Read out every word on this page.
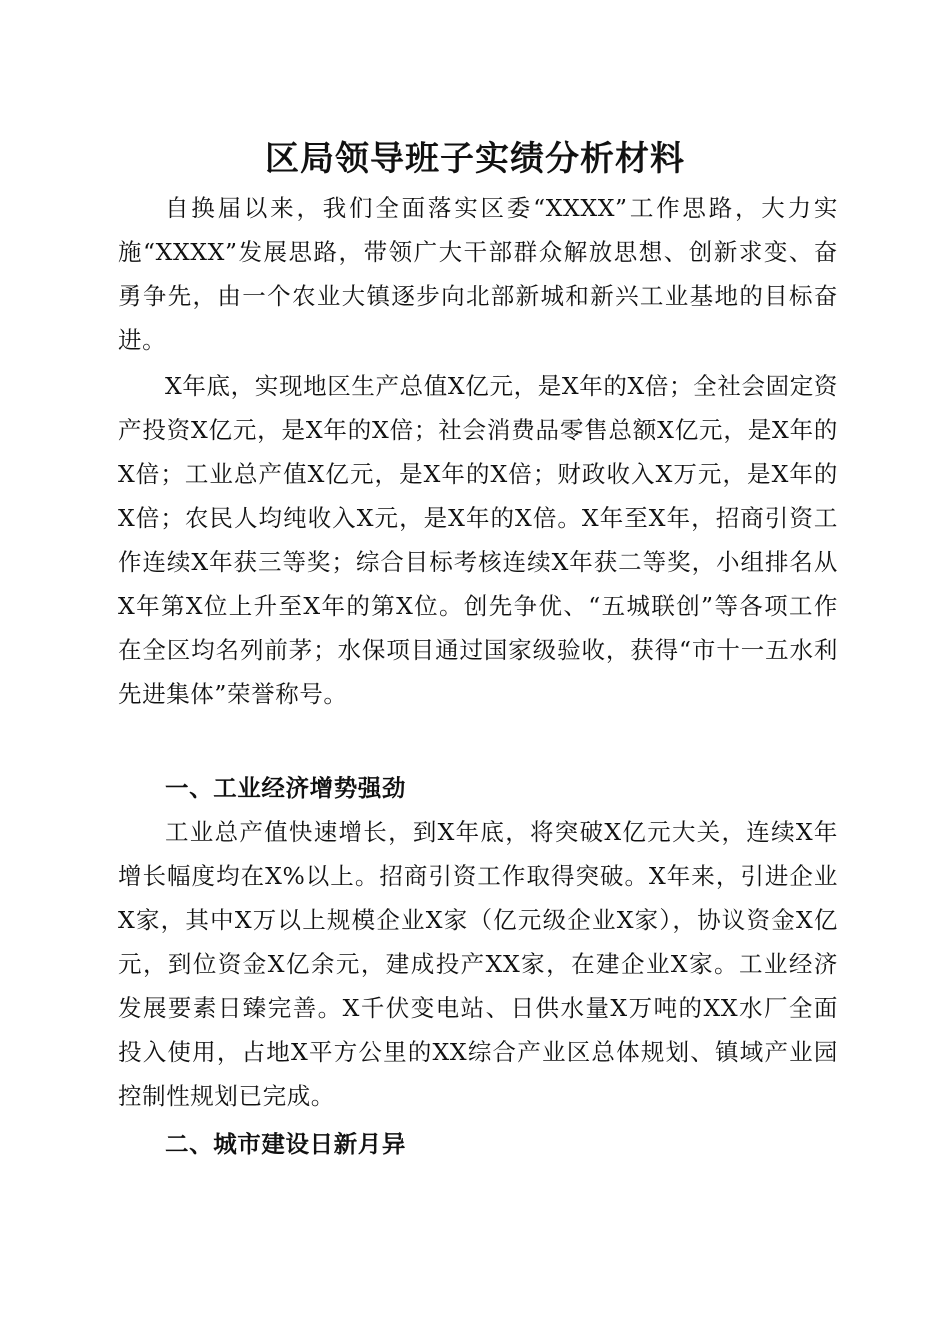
区局领导班子实绩分析材料

自换届以来，我们全面落实区委“XXXX”工作思路，大力实施“XXXX”发展思路，带领广大干部群众解放思想、创新求变、奋勇争先，由一个农业大镇逐步向北部新城和新兴工业基地的目标奋进。

X年底，实现地区生产总值X亿元，是X年的X倍；全社会固定资产投资X亿元，是X年的X倍；社会消费品零售总额X亿元，是X年的X倍；工业总产值X亿元，是X年的X倍；财政收入X万元，是X年的X倍；农民人均纯收入X元，是X年的X倍。X年至X年，招商引资工作连续X年获三等奖；综合目标考核连续X年获二等奖，小组排名从X年第X位上升至X年的第X位。创先争优、“五城联创”等各项工作在全区均名列前茅；水保项目通过国家级验收，获得“市十一五水利先进集体”荣誉称号。

一、工业经济增势强劲

工业总产值快速增长，到X年底，将突破X亿元大关，连续X年增长幅度均在X%以上。招商引资工作取得突破。X年来，引进企业X家，其中X万以上规模企业X家（亿元级企业X家），协议资金X亿元，到位资金X亿余元，建成投产XX家，在建企业X家。工业经济发展要素日臻完善。X千伏变电站、日供水量X万吨的XX水厂全面投入使用，占地X平方公里的XX综合产业区总体规划、镇域产业园控制性规划已完成。

二、城市建设日新月异
